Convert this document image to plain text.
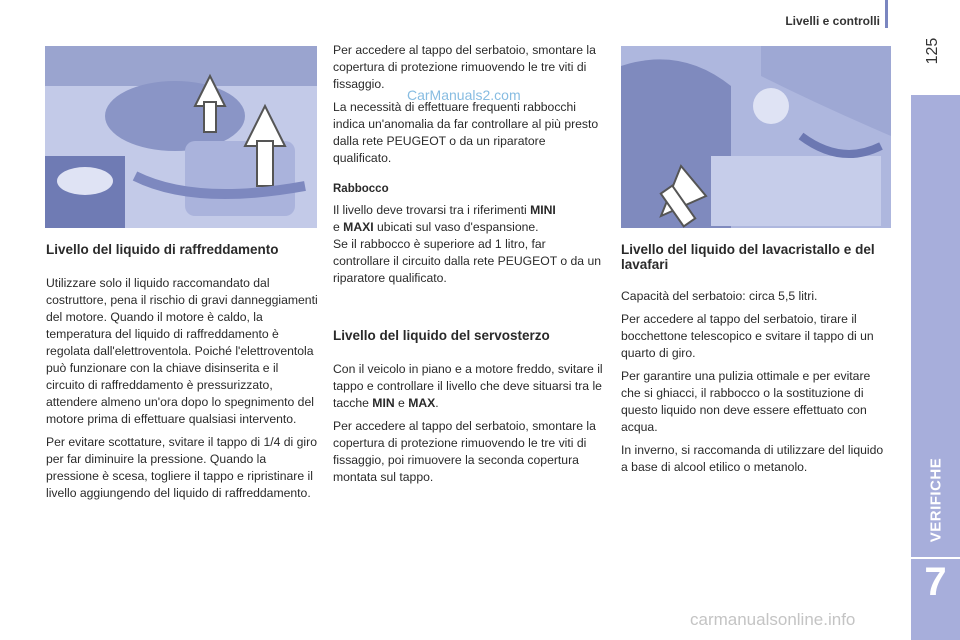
Livelli e controlli
125
VERIFICHE
7
Livello del liquido di raffreddamento

Utilizzare solo il liquido raccomandato dal costruttore, pena il rischio di gravi danneggiamenti del motore. Quando il motore è caldo, la temperatura del liquido di raffreddamento è regolata dall'elettroventola. Poiché l'elettroventola può funzionare con la chiave disinserita e il circuito di raffreddamento è pressurizzato, attendere almeno un'ora dopo lo spegnimento del motore prima di effettuare qualsiasi intervento.

Per evitare scottature, svitare il tappo di 1/4 di giro per far diminuire la pressione. Quando la pressione è scesa, togliere il tappo e ripristinare il livello aggiungendo del liquido di raffreddamento.

Per accedere al tappo del serbatoio, smontare la copertura di protezione rimuovendo le tre viti di fissaggio.

La necessità di effettuare frequenti rabbocchi indica un'anomalia da far controllare al più presto dalla rete PEUGEOT o da un riparatore qualificato.

Rabbocco

Il livello deve trovarsi tra i riferimenti MINI
e MAXI ubicati sul vaso d'espansione.
Se il rabbocco è superiore ad 1 litro, far controllare il circuito dalla rete PEUGEOT o da un riparatore qualificato.

Livello del liquido del servosterzo

Con il veicolo in piano e a motore freddo, svitare il tappo e controllare il livello che deve situarsi tra le tacche MIN e MAX.

Per accedere al tappo del serbatoio, smontare la copertura di protezione rimuovendo le tre viti di fissaggio, poi rimuovere la seconda copertura montata sul tappo.

Livello del liquido del lavacristallo e del lavafari

Capacità del serbatoio: circa 5,5 litri.

Per accedere al tappo del serbatoio, tirare il bocchettone telescopico e svitare il tappo di un quarto di giro.

Per garantire una pulizia ottimale e per evitare che si ghiacci, il rabbocco o la sostituzione di questo liquido non deve essere effettuato con acqua.

In inverno, si raccomanda di utilizzare del liquido a base di alcool etilico o metanolo.

CarManuals2.com
carmanualsonline.info
